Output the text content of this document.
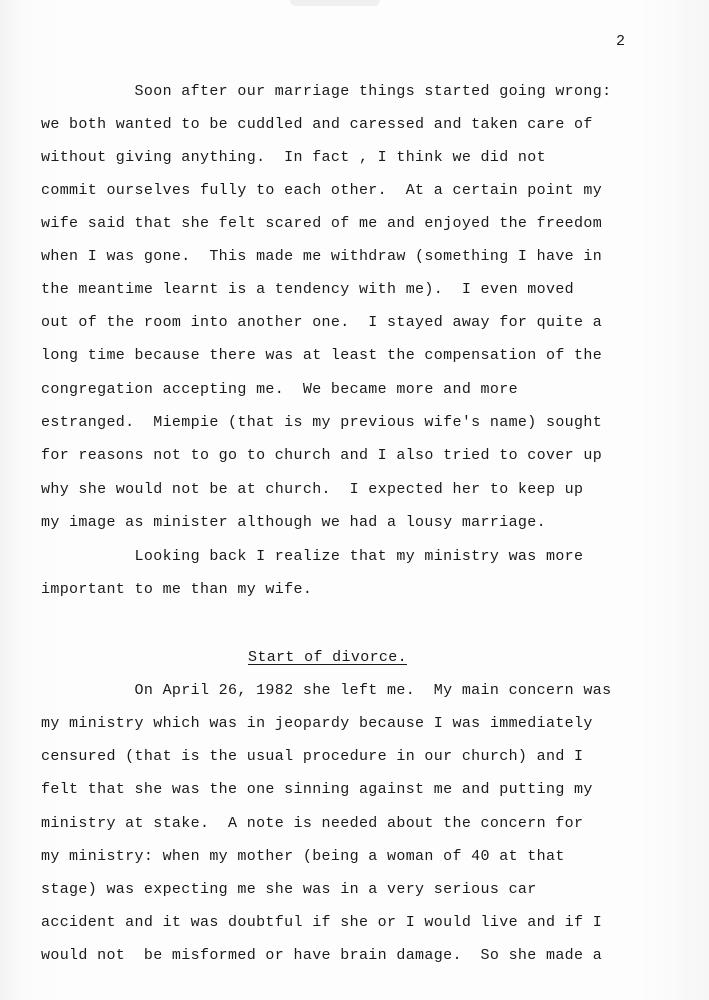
2
Soon after our marriage things started going wrong:
we both wanted to be cuddled and caressed and taken care of
without giving anything.  In fact , I think we did not
commit ourselves fully to each other.  At a certain point my
wife said that she felt scared of me and enjoyed the freedom
when I was gone.  This made me withdraw (something I have in
the meantime learnt is a tendency with me).  I even moved
out of the room into another one.  I stayed away for quite a
long time because there was at least the compensation of the
congregation accepting me.  We became more and more
estranged.  Miempie (that is my previous wife's name) sought
for reasons not to go to church and I also tried to cover up
why she would not be at church.  I expected her to keep up
my image as minister although we had a lousy marriage.
Looking back I realize that my ministry was more
important to me than my wife.
Start of divorce.
On April 26, 1982 she left me.  My main concern was
my ministry which was in jeopardy because I was immediately
censured (that is the usual procedure in our church) and I
felt that she was the one sinning against me and putting my
ministry at stake.  A note is needed about the concern for
my ministry: when my mother (being a woman of 40 at that
stage) was expecting me she was in a very serious car
accident and it was doubtful if she or I would live and if I
would not  be misformed or have brain damage.  So she made a
